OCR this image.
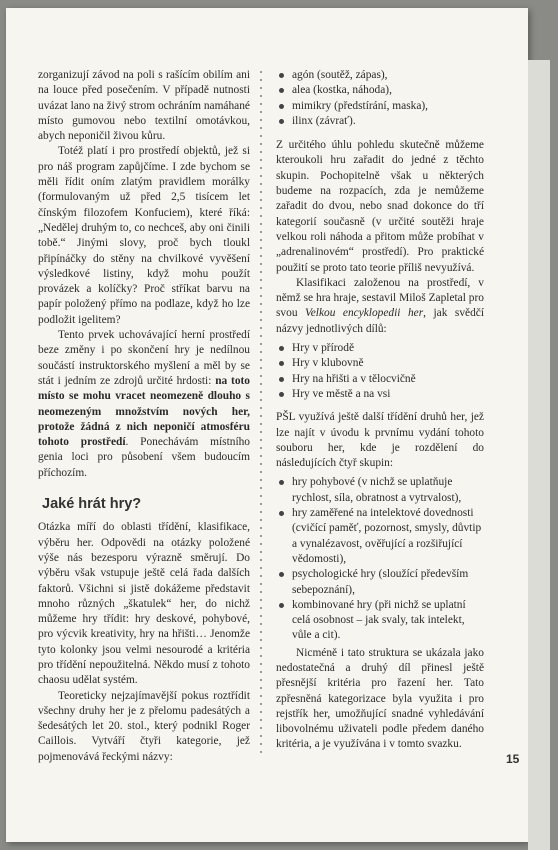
zorganizují závod na poli s rašícím obilím ani na louce před posečením. V případě nutnosti uvázat lano na živý strom ochráním namáhané místo gumovou nebo textilní omotávkou, abych neponičil živou kůru.

Totéž platí i pro prostředí objektů, jež si pro náš program zapůjčíme. I zde bychom se měli řídit oním zlatým pravidlem morálky (formulovaným už před 2,5 tisícem let čínským filozofem Konfuciem), které říká: „Nedělej druhým to, co nechceš, aby oni činili tobě.“ Jinými slovy, proč bych tloukl připínáčky do stěny na chvilkové vyvěšení výsledkové listiny, když mohu použít provázek a kolíčky? Proč stříkat barvu na papír položený přímo na podlaze, když ho lze podložit igelitem?

Tento prvek uchovávající herní prostředí beze změny i po skončení hry je nedílnou součástí instruktorského myšlení a měl by se stát i jedním ze zdrojů určité hrdosti: na toto místo se mohu vracet neomezeně dlouho s neomezeným množstvím nových her, protože žádná z nich neponičí atmosféru tohoto prostředí. Ponechávám místního genia loci pro působení všem budoucím příchozím.

Jaké hrát hry?

Otázka míří do oblasti třídění, klasifikace, výběru her. Odpovědi na otázky položené výše nás bezesporu výrazně směrují. Do výběru však vstupuje ještě celá řada dalších faktorů. Všichni si jistě dokážeme představit mnoho různých „škatulek“ her, do nichž můžeme hry třídit: hry deskové, pohybové, pro výcvik kreativity, hry na hřišti… Jenomže tyto kolonky jsou velmi nesourodé a kritéria pro třídění nepoužitelná. Někdo musí z tohoto chaosu udělat systém.

Teoreticky nejzajímavější pokus roztřídit všechny druhy her je z přelomu padesátých a šedesátých let 20. stol., který podnikl Roger Caillois. Vytváří čtyři kategorie, jež pojmenovává řeckými názvy:

agón (soutěž, zápas),
alea (kostka, náhoda),
mimikry (předstírání, maska),
ilinx (závrať).

Z určitého úhlu pohledu skutečně můžeme kteroukoli hru zařadit do jedné z těchto skupin. Pochopitelně však u některých budeme na rozpacích, zda je nemůžeme zařadit do dvou, nebo snad dokonce do tří kategorií současně (v určité soutěži hraje velkou roli náhoda a přitom může probíhat v „adrenalinovém“ prostředí). Pro praktické použití se proto tato teorie příliš nevyužívá.

Klasifikaci založenou na prostředí, v němž se hra hraje, sestavil Miloš Zapletal pro svou Velkou encyklopedii her, jak svědčí názvy jednotlivých dílů:

Hry v přírodě
Hry v klubovně
Hry na hřišti a v tělocvičně
Hry ve městě a na vsi

PŠL využívá ještě další třídění druhů her, jež lze najít v úvodu k prvnímu vydání tohoto souboru her, kde je rozdělení do následujících čtyř skupin:

hry pohybové (v nichž se uplatňuje rychlost, síla, obratnost a vytrvalost),
hry zaměřené na intelektové dovednosti (cvičící paměť, pozornost, smysly, důvtip a vynalézavost, ověřující a rozšiřující vědomosti),
psychologické hry (sloužící především sebepoznání),
kombinované hry (při nichž se uplatní celá osobnost – jak svaly, tak intelekt, vůle a cit).

Nicméně i tato struktura se ukázala jako nedostatečná a druhý díl přinesl ještě přesnější kritéria pro řazení her. Tato zpřesněná kategorizace byla využita i pro rejstřík her, umožňující snadné vyhledávání libovolnému uživateli podle předem daného kritéria, a je využívána i v tomto svazku.

15
